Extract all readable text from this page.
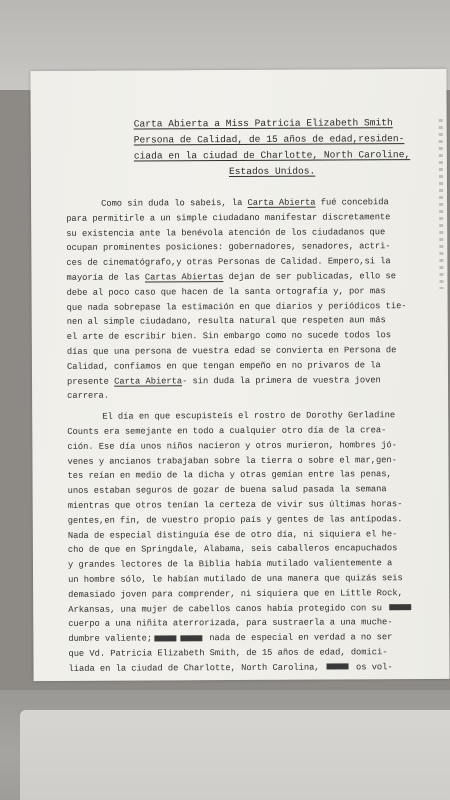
Carta Abierta a Miss Patricia Elizabeth Smith
Persona de Calidad, de 15 años de edad,residen-
ciada en la ciudad de Charlotte, North Caroline,
Estados Unidos.
Como sin duda lo sabeis, la Carta Abierta fué concebida
para permitirle a un simple ciudadano manifestar discretamente
su existencia ante la benévola atención de los ciudadanos que
ocupan prominentes posiciones: gobernadores, senadores, actri-
ces de cinematógrafo,y otras Personas de Calidad. Empero,si la
mayoría de las Cartas Abiertas dejan de ser publicadas, ello se
debe al poco caso que hacen de la santa ortografía y, por mas
que nada sobrepase la estimación en que diarios y periódicos tie-
nen al simple ciudadano, resulta natural que respeten aun más
el arte de escribir bien. Sin embargo como no sucede todos los
días que una persona de vuestra edad se convierta en Persona de
Calidad, confiamos en que tengan empeño en no privaros de la
presente Carta Abierta- sin duda la primera de vuestra joven
carrera.
El día en que escupisteís el rostro de Dorothy Gerladine
Counts era semejante en todo a cualquier otro día de la crea-
ción. Ese día unos niños nacieron y otros murieron, hombres jó-
venes y ancianos trabajaban sobre la tierra o sobre el mar,gen-
tes reían en medio de la dicha y otras gemían entre las penas,
unos estaban seguros de gozar de buena salud pasada la semana
mientras que otros tenían la certeza de vivir sus últimas horas-
gentes,en fin, de vuestro propio país y gentes de las antípodas.
Nada de especial distinguía ése de otro día, ni siquiera el he-
cho de que en Springdale, Alabama, seis caballeros encapuchados
y grandes lectores de la Biblia había mutilado valientemente a
un hombre sólo, le habían mutilado de una manera que quizás seis
demasiado joven para comprender, ni siquiera que en Little Rock,
Arkansas, una mujer de cabellos canos había protegido con su
cuerpo a una niñita aterrorizada, para sustraerla a una muche-
dumbre valiente;	nada de especial en verdad a no ser
que Vd. Patricia Elizabeth Smith, de 15 años de edad, domici-
liada en la ciudad de Charlotte, North Carolina,	os vol-
